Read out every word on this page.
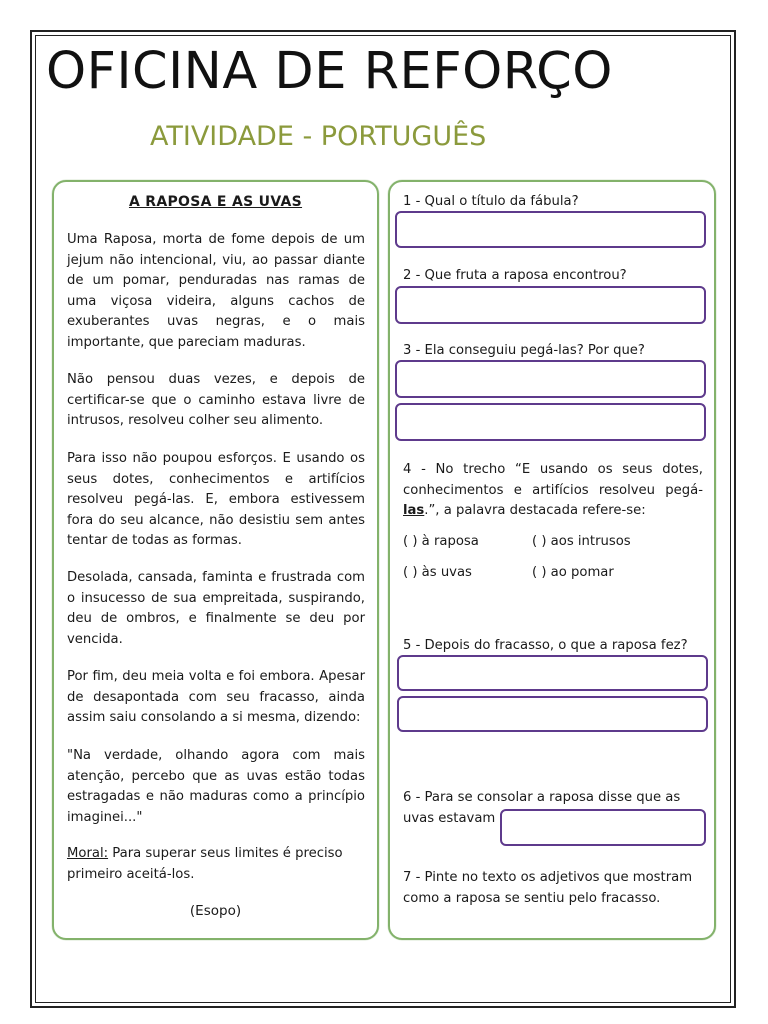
OFICINA DE REFORÇO
ATIVIDADE - PORTUGUÊS
A RAPOSA E AS UVAS
Uma Raposa, morta de fome depois de um jejum não intencional, viu, ao passar diante de um pomar, penduradas nas ramas de uma viçosa videira, alguns cachos de exuberantes uvas negras, e o mais importante, que pareciam maduras.
Não pensou duas vezes, e depois de certificar-se que o caminho estava livre de intrusos, resolveu colher seu alimento.
Para isso não poupou esforços. E usando os seus dotes, conhecimentos e artifícios resolveu pegá-las. E, embora estivessem fora do seu alcance, não desistiu sem antes tentar de todas as formas.
Desolada, cansada, faminta e frustrada com o insucesso de sua empreitada, suspirando, deu de ombros, e finalmente se deu por vencida.
Por fim, deu meia volta e foi embora. Apesar de desapontada com seu fracasso, ainda assim saiu consolando a si mesma, dizendo:
"Na verdade, olhando agora com mais atenção, percebo que as uvas estão todas estragadas e não maduras como a princípio imaginei..."
Moral: Para superar seus limites é preciso primeiro aceitá-los.
(Esopo)
1 - Qual o título da fábula?
2 - Que fruta a raposa encontrou?
3 - Ela conseguiu pegá-las? Por que?
4 - No trecho “E usando os seus dotes, conhecimentos e artifícios resolveu pegá-las.”, a palavra destacada refere-se:
( ) à raposa	( ) aos intrusos
( ) às uvas	( ) ao pomar
5 - Depois do fracasso, o que a raposa fez?
6 - Para se consolar a raposa disse que as uvas estavam
7 - Pinte no texto os adjetivos que mostram como a raposa se sentiu pelo fracasso.
